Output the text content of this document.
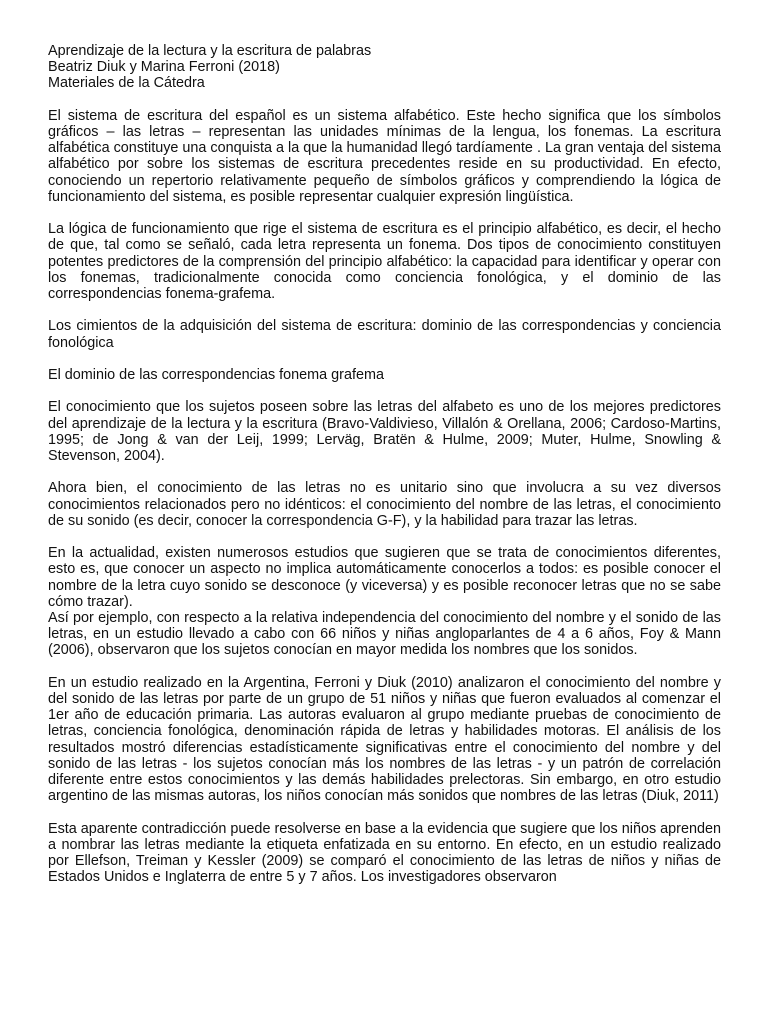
Aprendizaje de la lectura y la escritura de palabras
Beatriz Diuk y Marina Ferroni (2018)
Materiales de la Cátedra

El sistema de escritura del español es un sistema alfabético. Este hecho significa que los símbolos gráficos – las letras – representan las unidades mínimas de la lengua, los fonemas. La escritura alfabética constituye una conquista a la que la humanidad llegó tardíamente . La gran ventaja del sistema alfabético por sobre los sistemas de escritura precedentes reside en su productividad. En efecto, conociendo un repertorio relativamente pequeño de símbolos gráficos y comprendiendo la lógica de funcionamiento del sistema, es posible representar cualquier expresión lingüística.

La lógica de funcionamiento que rige el sistema de escritura es el principio alfabético, es decir, el hecho de que, tal como se señaló, cada letra representa un fonema. Dos tipos de conocimiento constituyen potentes predictores de la comprensión del principio alfabético: la capacidad para identificar y operar con los fonemas, tradicionalmente conocida como conciencia fonológica, y el dominio de las correspondencias fonema-grafema.

Los cimientos de la adquisición del sistema de escritura: dominio de las correspondencias y conciencia fonológica

El dominio de las correspondencias fonema grafema

El conocimiento que los sujetos poseen sobre las letras del alfabeto es uno de los mejores predictores del aprendizaje de la lectura y la escritura (Bravo-Valdivieso, Villalón & Orellana, 2006; Cardoso-Martins, 1995; de Jong & van der Leij, 1999; Lerväg, Bratën & Hulme, 2009; Muter, Hulme, Snowling & Stevenson, 2004).

Ahora bien, el conocimiento de las letras no es unitario sino que involucra a su vez diversos conocimientos relacionados pero no idénticos: el conocimiento del nombre de las letras, el conocimiento de su sonido (es decir, conocer la correspondencia G-F), y la habilidad para trazar las letras.

En la actualidad, existen numerosos estudios que sugieren que se trata de conocimientos diferentes, esto es, que conocer un aspecto no implica automáticamente conocerlos a todos: es posible conocer el nombre de la letra cuyo sonido se desconoce (y viceversa) y es posible reconocer letras que no se sabe cómo trazar).

Así por ejemplo, con respecto a la relativa independencia del conocimiento del nombre y el sonido de las letras, en un estudio llevado a cabo con 66 niños y niñas angloparlantes de 4 a 6 años, Foy & Mann (2006), observaron que los sujetos conocían en mayor medida los nombres que los sonidos.

En un estudio realizado en la Argentina, Ferroni y Diuk (2010) analizaron el conocimiento del nombre y del sonido de las letras por parte de un grupo de 51 niños y niñas que fueron evaluados al comenzar el 1er año de educación primaria. Las autoras evaluaron al grupo mediante pruebas de conocimiento de letras, conciencia fonológica, denominación rápida de letras y habilidades motoras. El análisis de los resultados mostró diferencias estadísticamente significativas entre el conocimiento del nombre y del sonido de las letras - los sujetos conocían más los nombres de las letras - y un patrón de correlación diferente entre estos conocimientos y las demás habilidades prelectoras. Sin embargo, en otro estudio argentino de las mismas autoras, los niños conocían más sonidos que nombres de las letras (Diuk, 2011)

Esta aparente contradicción puede resolverse en base a la evidencia que sugiere que los niños aprenden a nombrar las letras mediante la etiqueta enfatizada en su entorno. En efecto, en un estudio realizado por Ellefson, Treiman y Kessler (2009) se comparó el conocimiento de las letras de niños y niñas de Estados Unidos e Inglaterra de entre 5 y 7 años. Los investigadores observaron
